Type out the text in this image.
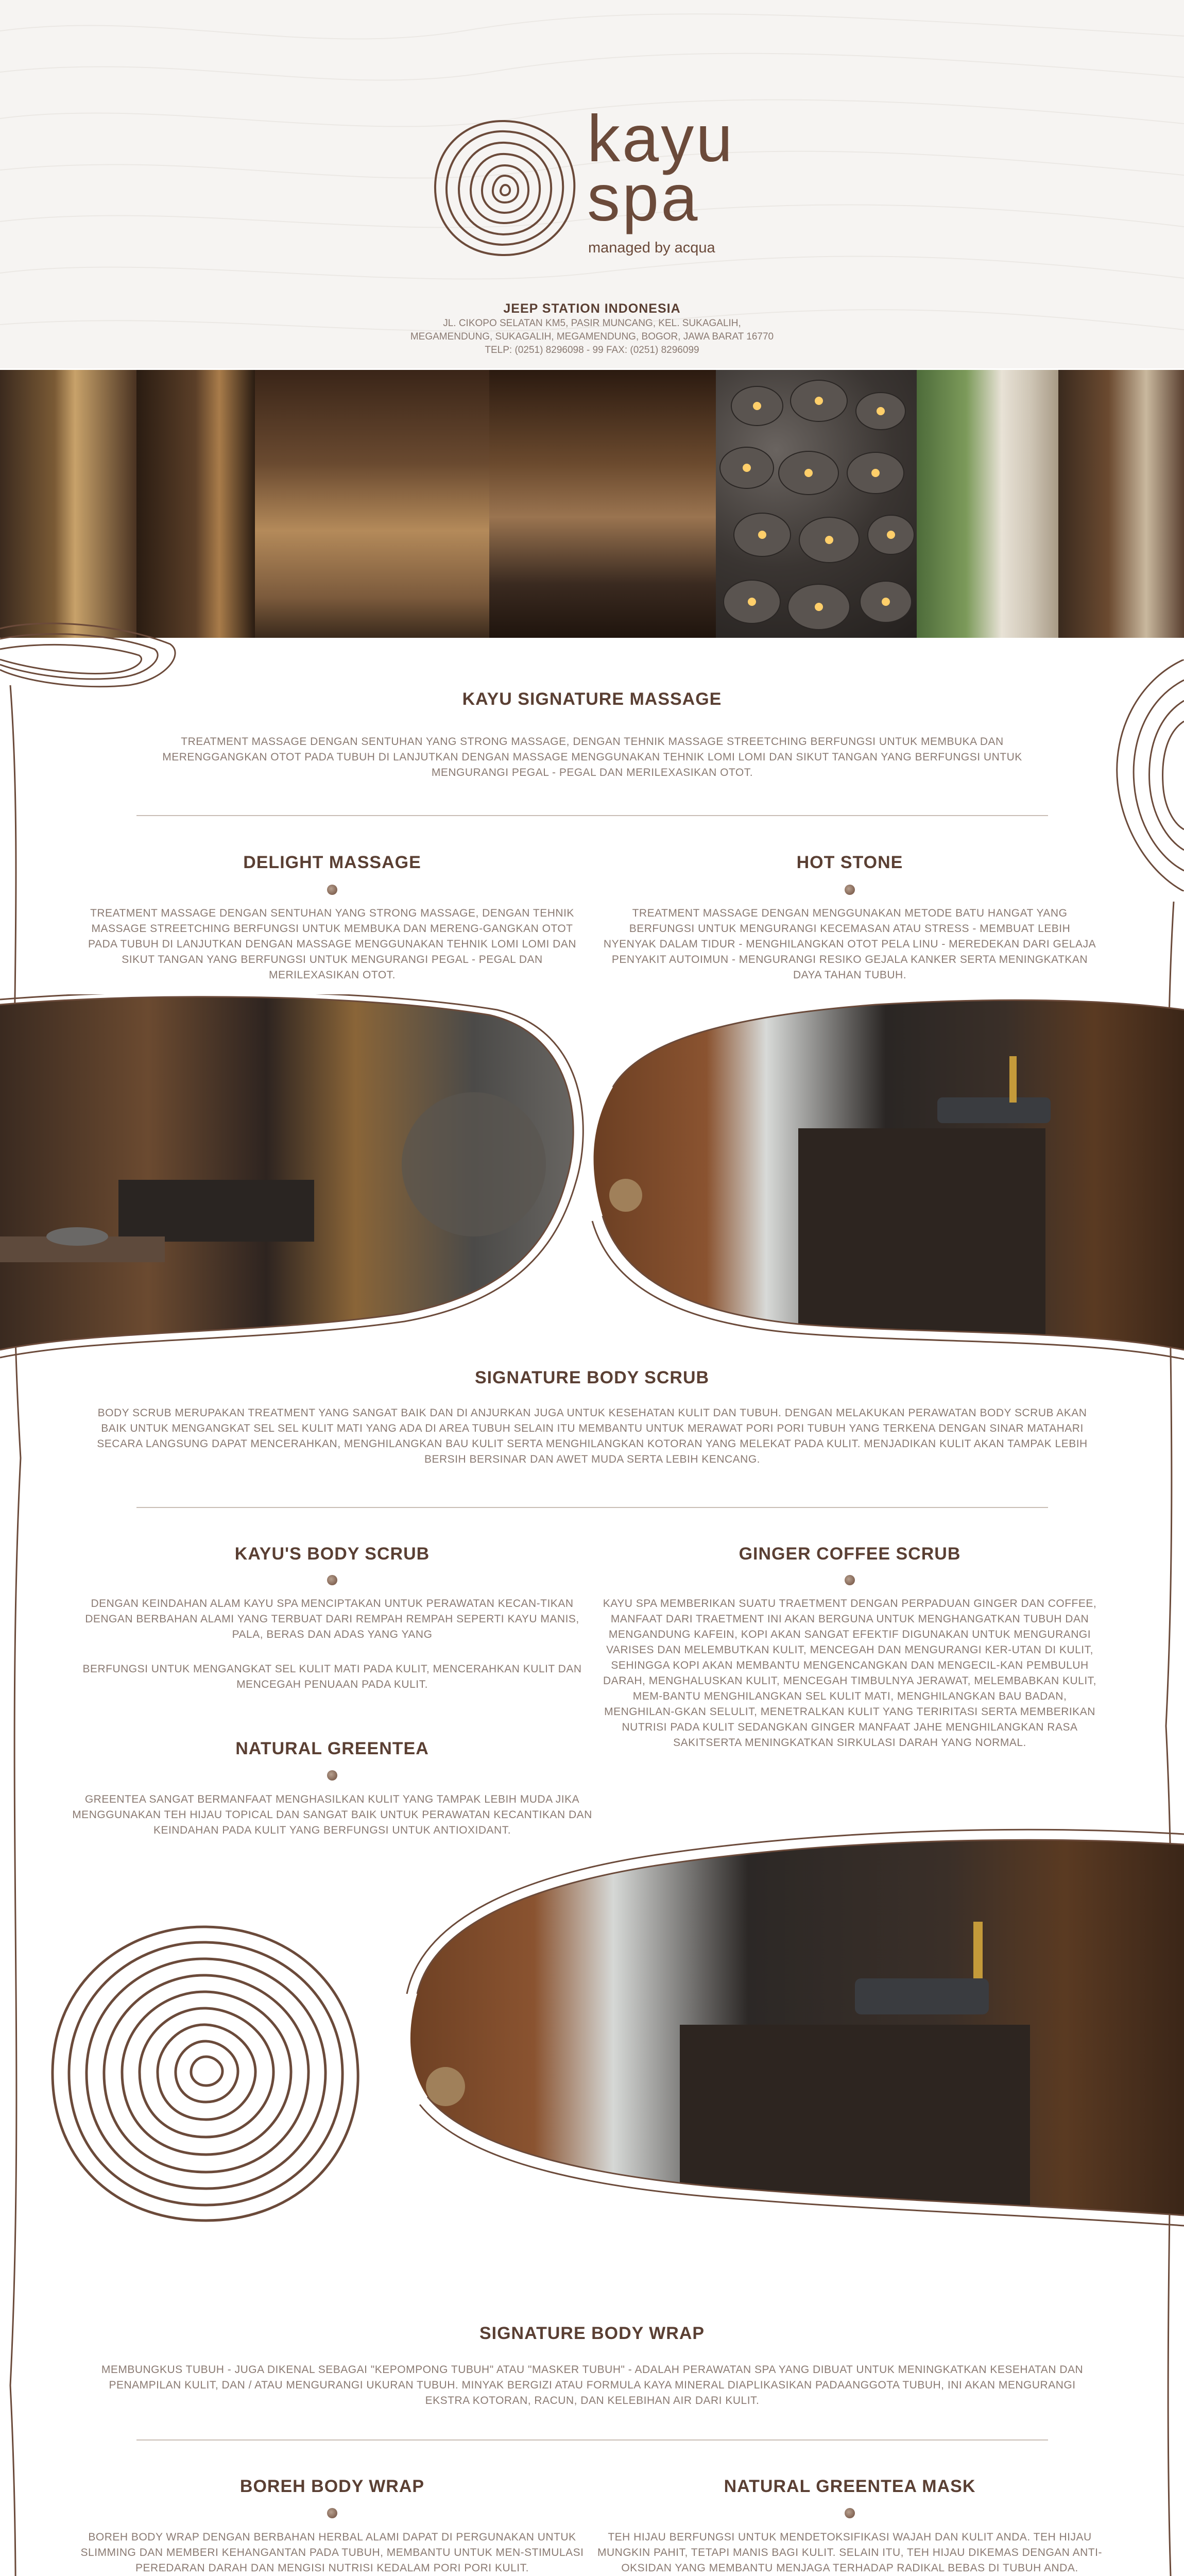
kayu
spa
managed by acqua
JEEP STATION INDONESIA
JL. CIKOPO SELATAN KM5, PASIR MUNCANG, KEL. SUKAGALIH,
MEGAMENDUNG, SUKAGALIH, MEGAMENDUNG, BOGOR, JAWA BARAT 16770
TELP: (0251) 8296098 - 99 FAX: (0251) 8296099
KAYU SIGNATURE MASSAGE
TREATMENT MASSAGE DENGAN SENTUHAN YANG STRONG MASSAGE, DENGAN TEHNIK MASSAGE STREETCHING BERFUNGSI UNTUK MEMBUKA DAN MERENGGANGKAN OTOT PADA TUBUH DI LANJUTKAN DENGAN MASSAGE MENGGUNAKAN TEHNIK LOMI LOMI DAN SIKUT TANGAN YANG BERFUNGSI UNTUK MENGURANGI PEGAL - PEGAL DAN MERILEXASIKAN OTOT.
DELIGHT MASSAGE
TREATMENT MASSAGE DENGAN SENTUHAN YANG STRONG MASSAGE, DENGAN TEHNIK MASSAGE STREETCHING BERFUNGSI UNTUK MEMBUKA DAN MERENG-GANGKAN OTOT PADA TUBUH DI LANJUTKAN DENGAN MASSAGE MENGGUNAKAN TEHNIK LOMI LOMI DAN SIKUT TANGAN YANG BERFUNGSI UNTUK MENGURANGI PEGAL - PEGAL DAN MERILEXASIKAN OTOT.
HOT STONE
TREATMENT MASSAGE DENGAN MENGGUNAKAN METODE BATU HANGAT YANG BERFUNGSI UNTUK MENGURANGI KECEMASAN ATAU STRESS - MEMBUAT LEBIH NYENYAK DALAM TIDUR - MENGHILANGKAN OTOT PELA LINU - MEREDEKAN DARI GELAJA PENYAKIT AUTOIMUN - MENGURANGI RESIKO GEJALA KANKER SERTA MENINGKATKAN DAYA TAHAN TUBUH.
SIGNATURE BODY SCRUB
BODY SCRUB MERUPAKAN TREATMENT YANG SANGAT BAIK DAN DI ANJURKAN JUGA UNTUK KESEHATAN KULIT DAN TUBUH. DENGAN MELAKUKAN PERAWATAN BODY SCRUB AKAN BAIK UNTUK MENGANGKAT SEL SEL KULIT MATI YANG ADA DI AREA TUBUH SELAIN ITU MEMBANTU UNTUK MERAWAT PORI PORI TUBUH YANG TERKENA DENGAN SINAR MATAHARI SECARA LANGSUNG DAPAT MENCERAHKAN, MENGHILANGKAN BAU KULIT SERTA MENGHILANGKAN KOTORAN YANG MELEKAT PADA KULIT. MENJADIKAN KULIT AKAN TAMPAK LEBIH BERSIH BERSINAR DAN AWET MUDA SERTA LEBIH KENCANG.
KAYU'S BODY SCRUB
DENGAN KEINDAHAN ALAM KAYU SPA MENCIPTAKAN UNTUK PERAWATAN KECAN-TIKAN DENGAN BERBAHAN ALAMI YANG TERBUAT DARI REMPAH REMPAH SEPERTI KAYU MANIS, PALA, BERAS DAN ADAS YANG YANG
BERFUNGSI UNTUK MENGANGKAT SEL KULIT MATI PADA KULIT, MENCERAHKAN KULIT DAN MENCEGAH PENUAAN PADA KULIT.
NATURAL GREENTEA
GREENTEA SANGAT BERMANFAAT MENGHASILKAN KULIT YANG TAMPAK LEBIH MUDA JIKA MENGGUNAKAN TEH HIJAU TOPICAL DAN SANGAT BAIK UNTUK PERAWATAN KECANTIKAN DAN KEINDAHAN PADA KULIT YANG BERFUNGSI UNTUK ANTIOXIDANT.
GINGER COFFEE SCRUB
KAYU SPA MEMBERIKAN SUATU TRAETMENT DENGAN PERPADUAN GINGER DAN COFFEE, MANFAAT DARI TRAETMENT INI AKAN BERGUNA UNTUK MENGHANGATKAN TUBUH DAN MENGANDUNG KAFEIN, KOPI AKAN SANGAT EFEKTIF DIGUNAKAN UNTUK MENGURANGI VARISES DAN MELEMBUTKAN KULIT, MENCEGAH DAN MENGURANGI KER-UTAN DI KULIT, SEHINGGA KOPI AKAN MEMBANTU MENGENCANGKAN DAN MENGECIL-KAN PEMBULUH DARAH, MENGHALUSKAN KULIT, MENCEGAH TIMBULNYA JERAWAT, MELEMBABKAN KULIT, MEM-BANTU MENGHILANGKAN SEL KULIT MATI, MENGHILANGKAN BAU BADAN, MENGHILAN-GKAN SELULIT, MENETRALKAN KULIT YANG TERIRITASI SERTA MEMBERIKAN NUTRISI PADA KULIT SEDANGKAN GINGER MANFAAT JAHE MENGHILANGKAN RASA SAKITSERTA MENINGKATKAN SIRKULASI DARAH YANG NORMAL.
SIGNATURE BODY WRAP
MEMBUNGKUS TUBUH - JUGA DIKENAL SEBAGAI "KEPOMPONG TUBUH" ATAU "MASKER TUBUH" - ADALAH PERAWATAN SPA YANG DIBUAT UNTUK MENINGKATKAN KESEHATAN DAN PENAMPILAN KULIT, DAN / ATAU MENGURANGI UKURAN TUBUH. MINYAK BERGIZI ATAU FORMULA KAYA MINERAL DIAPLIKASIKAN PADAANGGOTA TUBUH, INI AKAN MENGURANGI EKSTRA KOTORAN, RACUN, DAN KELEBIHAN AIR DARI KULIT.
BOREH BODY WRAP
BOREH BODY WRAP DENGAN BERBAHAN HERBAL ALAMI DAPAT DI PERGUNAKAN UNTUK SLIMMING DAN MEMBERI KEHANGANTAN PADA TUBUH, MEMBANTU UNTUK MEN-STIMULASI PEREDARAN DARAH DAN MENGISI NUTRISI KEDALAM PORI PORI KULIT.
NATURAL GREENTEA MASK
TEH HIJAU BERFUNGSI UNTUK MENDETOKSIFIKASI WAJAH DAN KULIT ANDA. TEH HIJAU MUNGKIN PAHIT, TETAPI MANIS BAGI KULIT. SELAIN ITU, TEH HIJAU DIKEMAS DENGAN ANTI-OKSIDAN YANG MEMBANTU MENJAGA TERHADAP RADIKAL BEBAS DI TUBUH ANDA.
